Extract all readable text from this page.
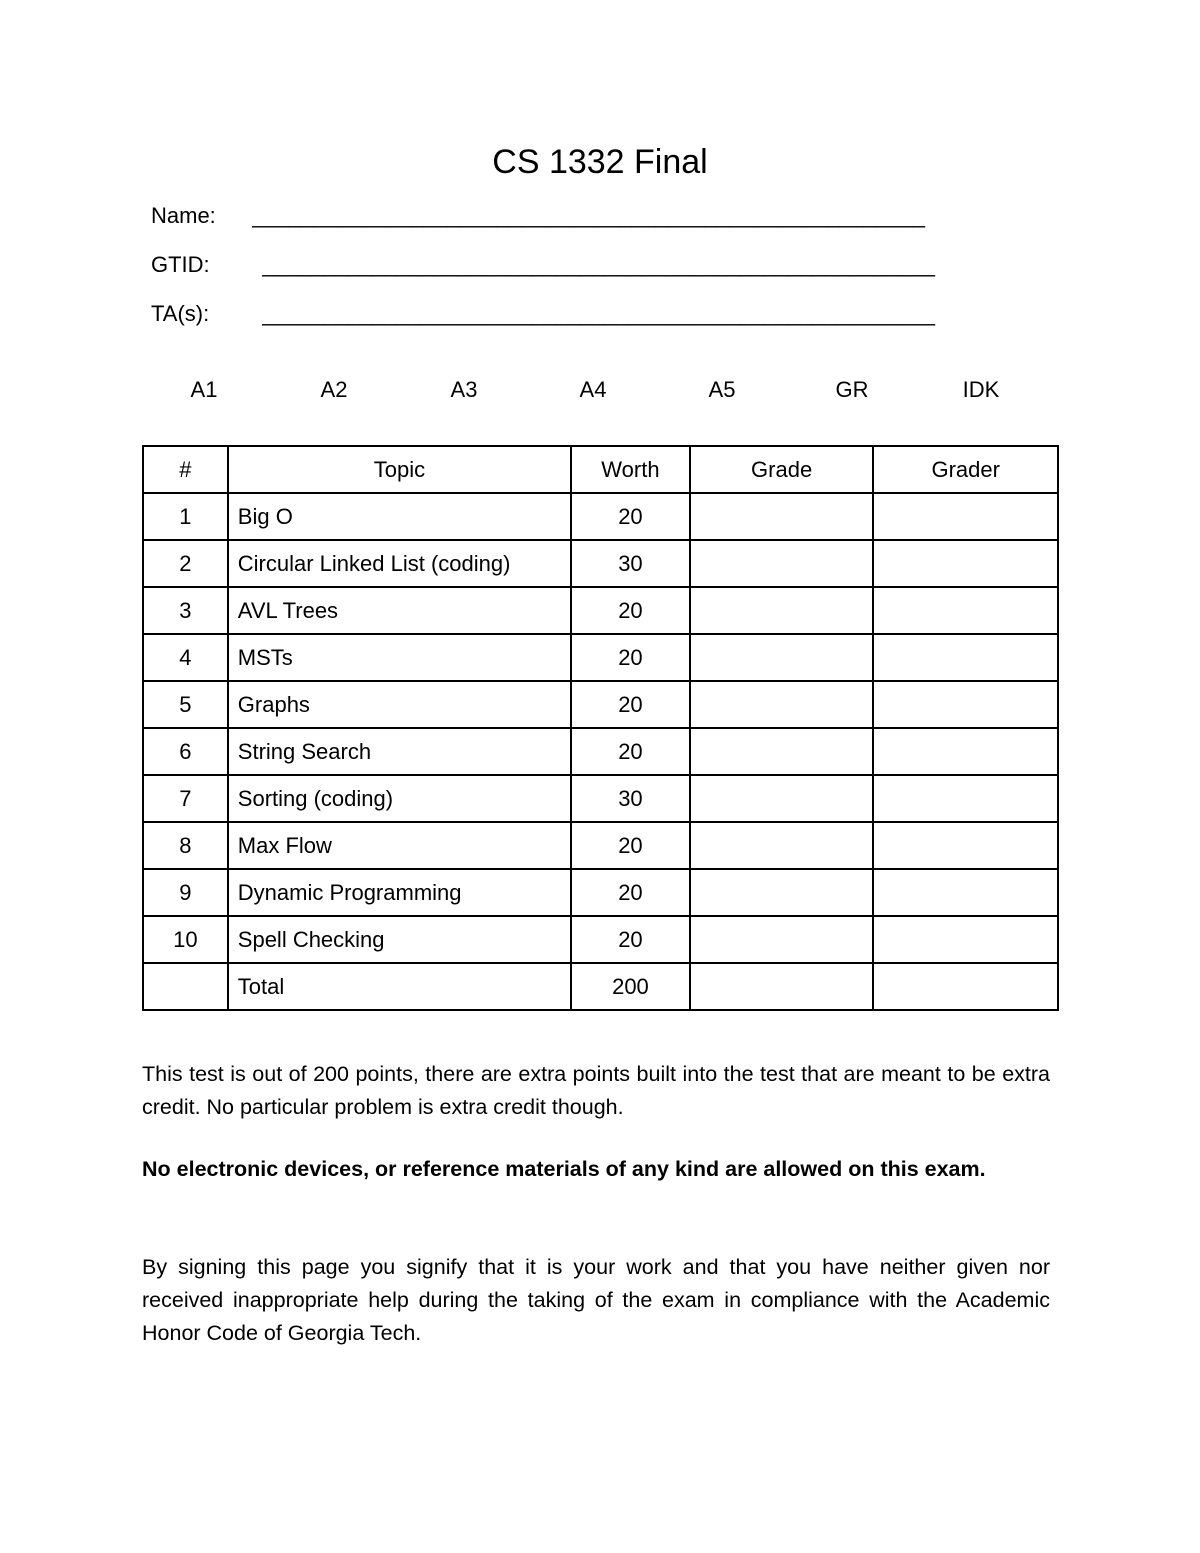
CS 1332 Final
Name: _______________________________________________________
GTID: _______________________________________________________
TA(s): _______________________________________________________
A1	A2	A3	A4	A5	GR	IDK
#	Topic	Worth	Grade	Grader
1	Big O	20		
2	Circular Linked List (coding)	30		
3	AVL Trees	20		
4	MSTs	20		
5	Graphs	20		
6	String Search	20		
7	Sorting (coding)	30		
8	Max Flow	20		
9	Dynamic Programming	20		
10	Spell Checking	20		
	Total	200		

This test is out of 200 points, there are extra points built into the test that are meant to be extra credit. No particular problem is extra credit though.

No electronic devices, or reference materials of any kind are allowed on this exam.

By signing this page you signify that it is your work and that you have neither given nor received inappropriate help during the taking of the exam in compliance with the Academic Honor Code of Georgia Tech.
